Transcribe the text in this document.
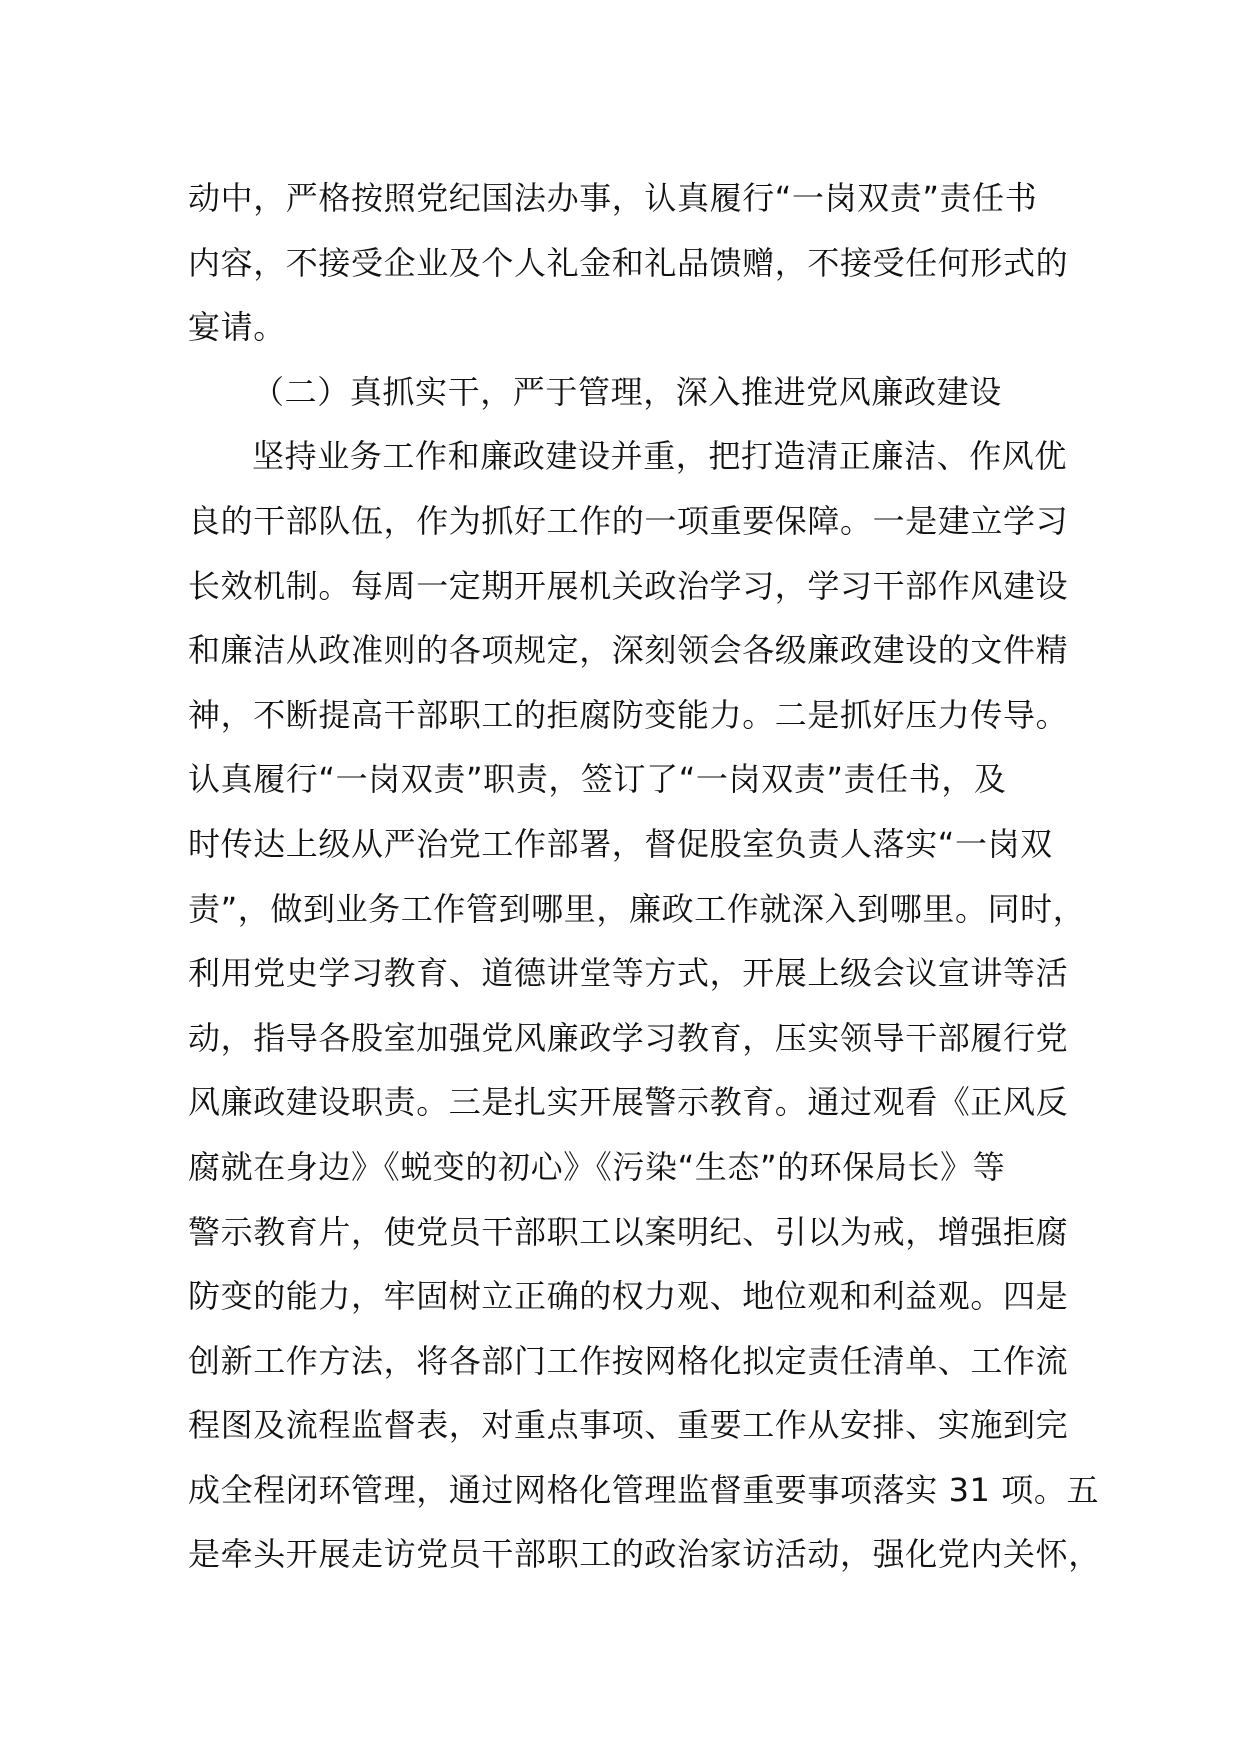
动中，严格按照党纪国法办事，认真履行“一岗双责”责任书
内容，不接受企业及个人礼金和礼品馈赠，不接受任何形式的
宴请。
（二）真抓实干，严于管理，深入推进党风廉政建设
坚持业务工作和廉政建设并重，把打造清正廉洁、作风优
良的干部队伍，作为抓好工作的一项重要保障。一是建立学习
长效机制。每周一定期开展机关政治学习，学习干部作风建设
和廉洁从政准则的各项规定，深刻领会各级廉政建设的文件精
神，不断提高干部职工的拒腐防变能力。二是抓好压力传导。
认真履行“一岗双责”职责，签订了“一岗双责”责任书，及
时传达上级从严治党工作部署，督促股室负责人落实“一岗双
责”，做到业务工作管到哪里，廉政工作就深入到哪里。同时，
利用党史学习教育、道德讲堂等方式，开展上级会议宣讲等活
动，指导各股室加强党风廉政学习教育，压实领导干部履行党
风廉政建设职责。三是扎实开展警示教育。通过观看《正风反
腐就在身边》《蜕变的初心》《污染“生态”的环保局长》等
警示教育片，使党员干部职工以案明纪、引以为戒，增强拒腐
防变的能力，牢固树立正确的权力观、地位观和利益观。四是
创新工作方法，将各部门工作按网格化拟定责任清单、工作流
程图及流程监督表，对重点事项、重要工作从安排、实施到完
成全程闭环管理，通过网格化管理监督重要事项落实 31 项。五
是牵头开展走访党员干部职工的政治家访活动，强化党内关怀，
